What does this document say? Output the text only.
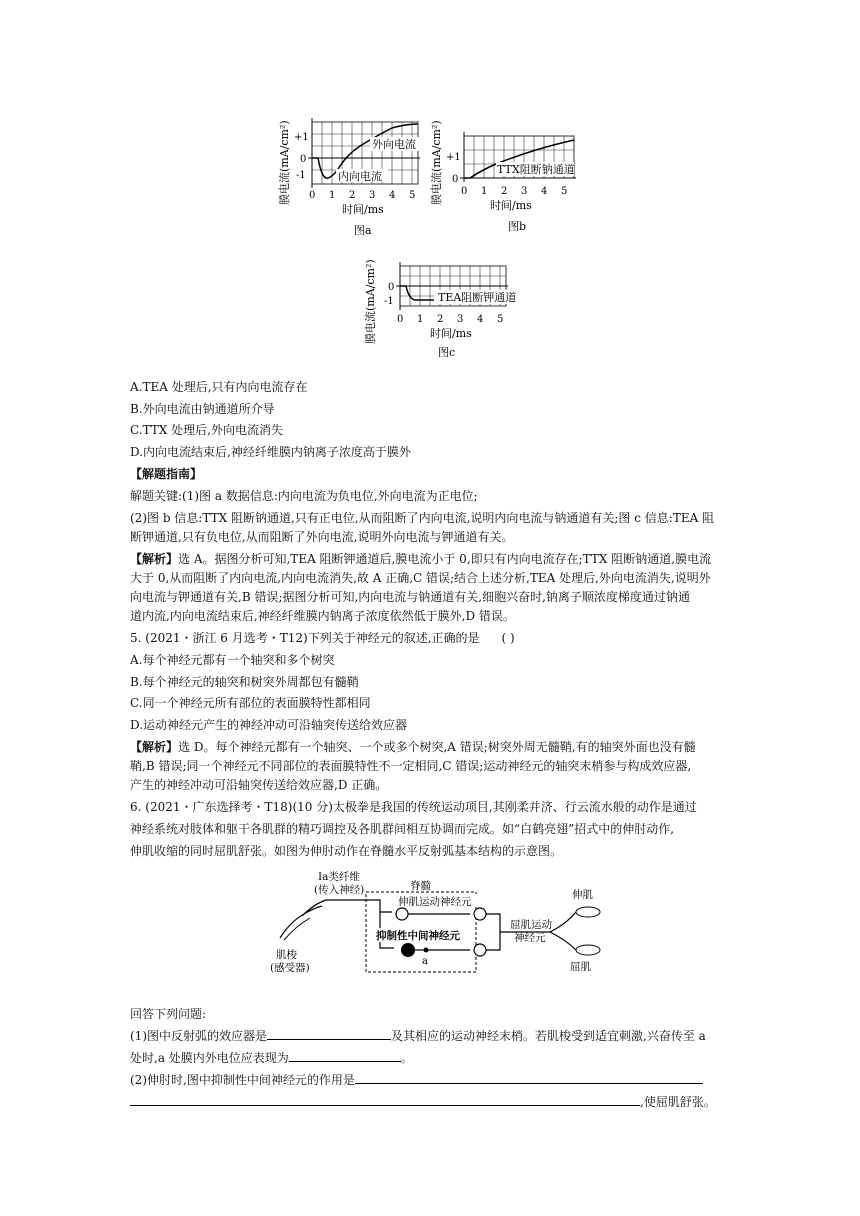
膜电流(mA/cm²) +1
0
-1
外向电流
内向电流
0 1 2 3 4 5
时间/ms
图a
膜电流(mA/cm²) +1
0
TTX阻断钠通道
0 1 2 3 4 5
时间/ms
图b
膜电流(mA/cm²) 0
-1	TEA阻断钾通道
0 1 2 3 4 5
时间/ms
图c
A.TEA 处理后,只有内向电流存在
B.外向电流由钠通道所介导
C.TTX 处理后,外向电流消失
D.内向电流结束后,神经纤维膜内钠离子浓度高于膜外
【解题指南】
解题关键:(1)图 a 数据信息:内向电流为负电位,外向电流为正电位;
(2)图 b 信息:TTX 阻断钠通道,只有正电位,从而阻断了内向电流,说明内向电流与钠通道有关;图 c 信息:TEA 阻
断钾通道,只有负电位,从而阻断了外向电流,说明外向电流与钾通道有关。
【解析】选 A。据图分析可知,TEA 阻断钾通道后,膜电流小于 0,即只有内向电流存在;TTX 阻断钠通道,膜电流
大于 0,从而阻断了内向电流,内向电流消失,故 A 正确,C 错误;结合上述分析,TEA 处理后,外向电流消失,说明外
向电流与钾通道有关,B 错误;据图分析可知,内向电流与钠通道有关,细胞兴奋时,钠离子顺浓度梯度通过钠通
道内流,内向电流结束后,神经纤维膜内钠离子浓度依然低于膜外,D 错误。
5. (2021・浙江 6 月选考・T12)下列关于神经元的叙述,正确的是 ( )
A.每个神经元都有一个轴突和多个树突
B.每个神经元的轴突和树突外周都包有髓鞘
C.同一个神经元所有部位的表面膜特性都相同
D.运动神经元产生的神经冲动可沿轴突传送给效应器
【解析】选 D。每个神经元都有一个轴突、一个或多个树突,A 错误;树突外周无髓鞘,有的轴突外面也没有髓
鞘,B 错误;同一个神经元不同部位的表面膜特性不一定相同,C 错误;运动神经元的轴突末梢参与构成效应器,
产生的神经冲动可沿轴突传送给效应器,D 正确。
6. (2021・广东选择考・T18)(10 分)太极拳是我国的传统运动项目,其刚柔并济、行云流水般的动作是通过
神经系统对肢体和躯干各肌群的精巧调控及各肌群间相互协调而完成。如“白鹤亮翅”招式中的伸肘动作,
伸肌收缩的同时屈肌舒张。如图为伸肘动作在脊髓水平反射弧基本结构的示意图。
Ia类纤维
(传入神经)	脊髓
伸肌运动神经元
抑制性中间神经元
a
屈肌运动
神经元
肌梭
(感受器)
伸肌
屈肌
回答下列问题:
(1)图中反射弧的效应器是	及其相应的运动神经末梢。若肌梭受到适宜刺激,兴奋传至 a
处时,a 处膜内外电位应表现为	。
(2)伸肘时,图中抑制性中间神经元的作用是
,使屈肌舒张。
